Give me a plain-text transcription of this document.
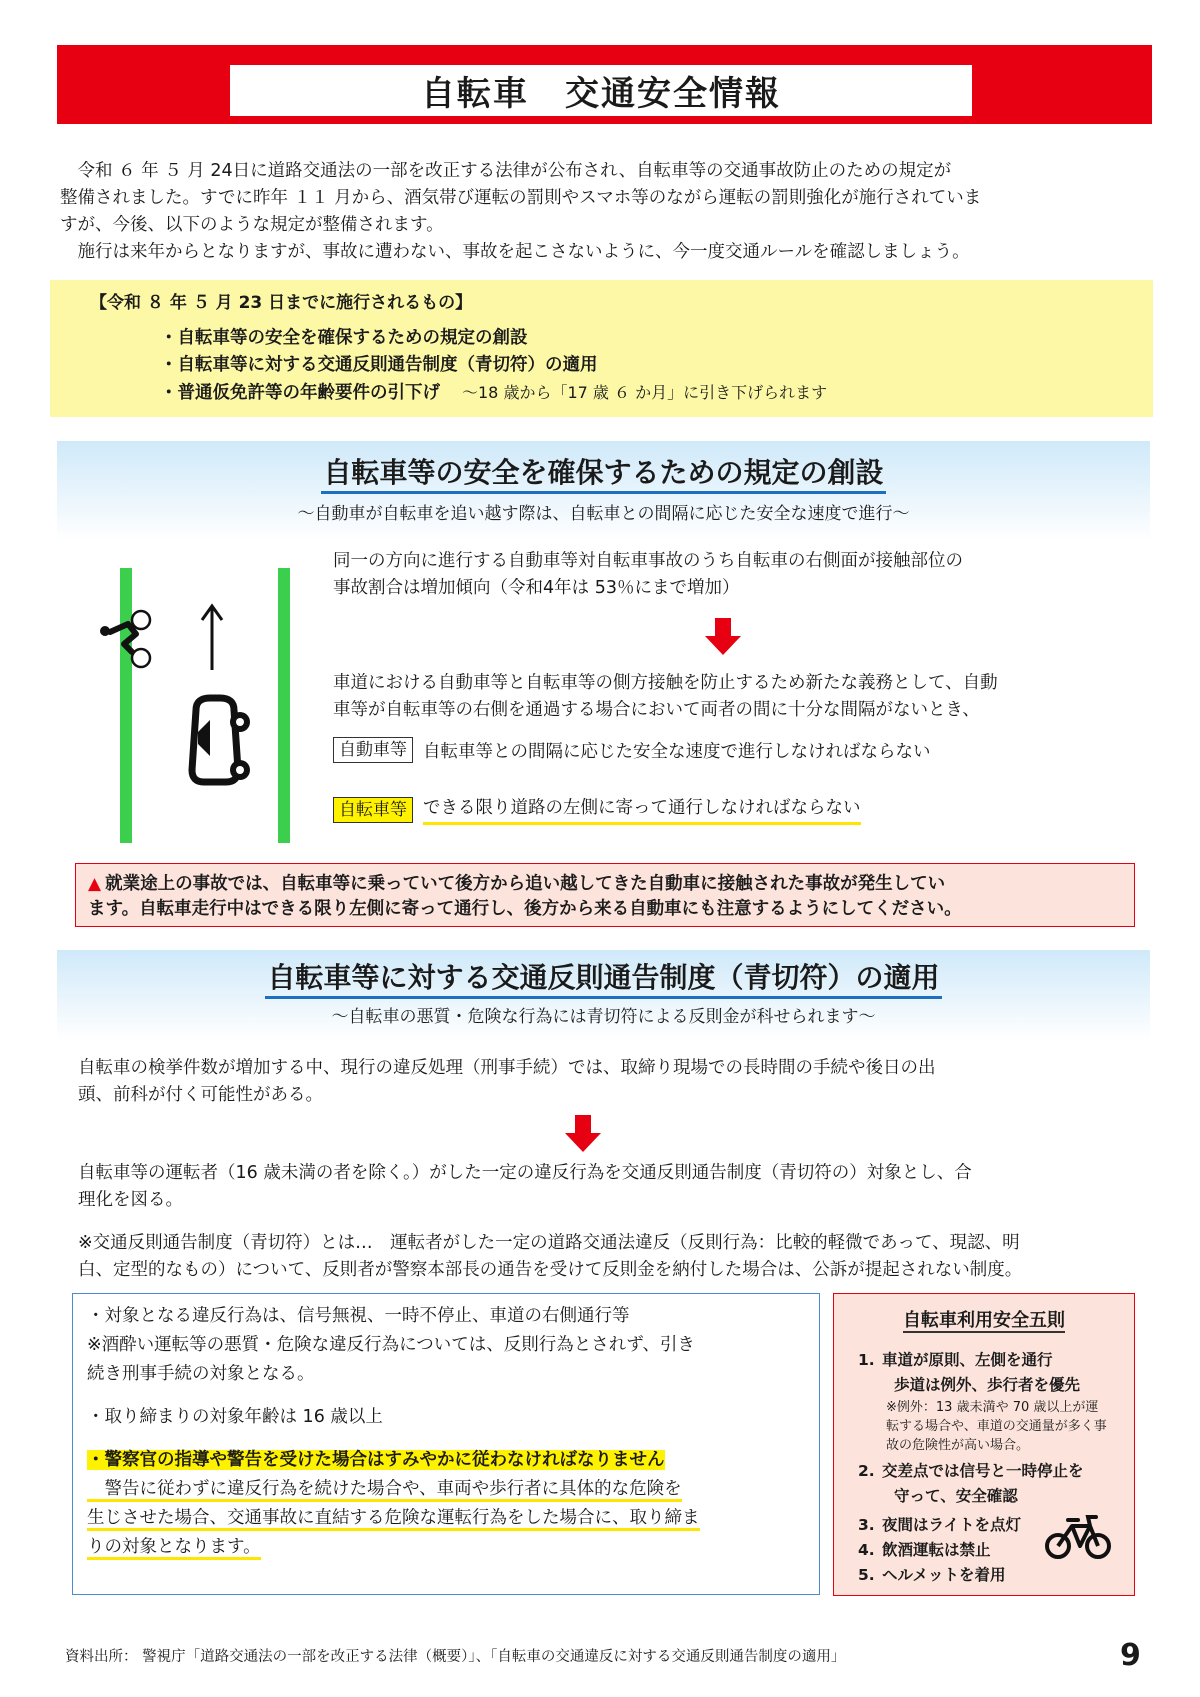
自転車　交通安全情報

　令和 ６ 年 ５ 月 24日に道路交通法の一部を改正する法律が公布され、自転車等の交通事故防止のための規定が

整備されました。すでに昨年 １１ 月から、酒気帯び運転の罰則やスマホ等のながら運転の罰則強化が施行されていま

すが、今後、以下のような規定が整備されます。

　施行は来年からとなりますが、事故に遭わない、事故を起こさないように、今一度交通ルールを確認しましょう。

【令和 ８ 年 ５ 月 23 日までに施行されるもの】
・自転車等の安全を確保するための規定の創設
・自転車等に対する交通反則通告制度（青切符）の適用
・普通仮免許等の年齢要件の引下げ ～18 歳から「17 歳 ６ か月」に引き下げられます
自転車等の安全を確保するための規定の創設
～自動車が自転車を追い越す際は、自転車との間隔に応じた安全な速度で進行～
同一の方向に進行する自動車等対自転車事故のうち自転車の右側面が接触部位の
事故割合は増加傾向（令和4年は 53％にまで増加）
車道における自動車等と自転車等の側方接触を防止するため新たな義務として、自動
車等が自転車等の右側を通過する場合において両者の間に十分な間隔がないとき、
自動車等 自転車等との間隔に応じた安全な速度で進行しなければならない
自転車等 できる限り道路の左側に寄って通行しなければならない
▲ 就業途上の事故では、自転車等に乗っていて後方から追い越してきた自動車に接触された事故が発生してい
ます。自転車走行中はできる限り左側に寄って通行し、後方から来る自動車にも注意するようにしてください。
自転車等に対する交通反則通告制度（青切符）の適用
～自転車の悪質・危険な行為には青切符による反則金が科せられます～
自転車の検挙件数が増加する中、現行の違反処理（刑事手続）では、取締り現場での長時間の手続や後日の出
頭、前科が付く可能性がある。
自転車等の運転者（16 歳未満の者を除く。）がした一定の違反行為を交通反則通告制度（青切符の）対象とし、合
理化を図る。
※交通反則通告制度（青切符）とは…　運転者がした一定の道路交通法違反（反則行為：比較的軽微であって、現認、明
白、定型的なもの）について、反則者が警察本部長の通告を受けて反則金を納付した場合は、公訴が提起されない制度。
・対象となる違反行為は、信号無視、一時不停止、車道の右側通行等
※酒酔い運転等の悪質・危険な違反行為については、反則行為とされず、引き
続き刑事手続の対象となる。
・取り締まりの対象年齢は 16 歳以上
・警察官の指導や警告を受けた場合はすみやかに従わなければなりません
　警告に従わずに違反行為を続けた場合や、車両や歩行者に具体的な危険を
生じさせた場合、交通事故に直結する危険な運転行為をした場合に、取り締ま
りの対象となります。
自転車利用安全五則
1. 車道が原則、左側を通行
歩道は例外、歩行者を優先
※例外：13 歳未満や 70 歳以上が運
転する場合や、車道の交通量が多く事
故の危険性が高い場合。
2. 交差点では信号と一時停止を
守って、安全確認
3. 夜間はライトを点灯
4. 飲酒運転は禁止
5. ヘルメットを着用
資料出所： 警視庁「道路交通法の一部を改正する法律（概要）」、「自転車の交通違反に対する交通反則通告制度の適用」	9
